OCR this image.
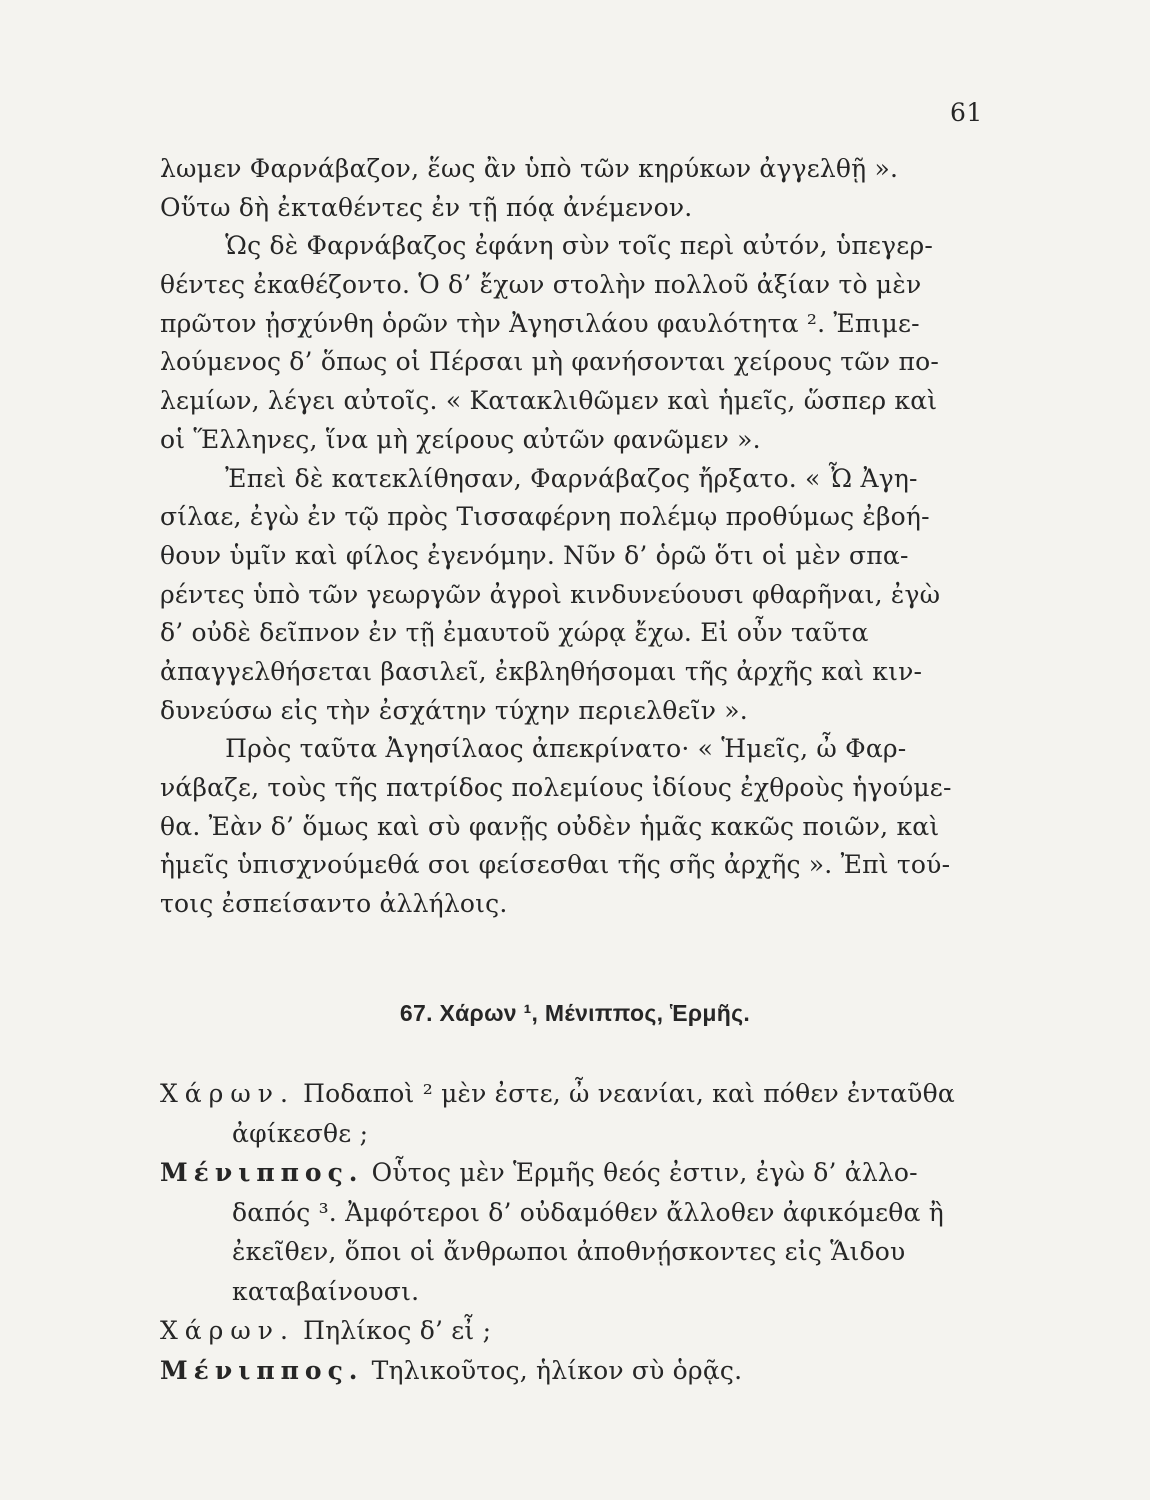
61
λωμεν Φαρνάβαζον, ἕως ἂν ὑπὸ τῶν κηρύκων ἀγγελθῇ ».
Οὕτω δὴ ἐκταθέντες ἐν τῇ πόᾳ ἀνέμενον.
Ὡς δὲ Φαρνάβαζος ἐφάνη σὺν τοῖς περὶ αὐτόν, ὑπεγερ-
θέντες ἐκαθέζοντο. Ὁ δ’ ἔχων στολὴν πολλοῦ ἀξίαν τὸ μὲν
πρῶτον ᾐσχύνθη ὁρῶν τὴν Ἀγησιλάου φαυλότητα ². Ἐπιμε-
λούμενος δ’ ὅπως οἱ Πέρσαι μὴ φανήσονται χείρους τῶν πο-
λεμίων, λέγει αὐτοῖς. « Κατακλιθῶμεν καὶ ἡμεῖς, ὥσπερ καὶ
οἱ Ἕλληνες, ἵνα μὴ χείρους αὐτῶν φανῶμεν ».
Ἐπεὶ δὲ κατεκλίθησαν, Φαρνάβαζος ἤρξατο. « Ὦ Ἀγη-
σίλαε, ἐγὼ ἐν τῷ πρὸς Τισσαφέρνη πολέμῳ προθύμως ἐβοή-
θουν ὑμῖν καὶ φίλος ἐγενόμην. Νῦν δ’ ὁρῶ ὅτι οἱ μὲν σπα-
ρέντες ὑπὸ τῶν γεωργῶν ἀγροὶ κινδυνεύουσι φθαρῆναι, ἐγὼ
δ’ οὐδὲ δεῖπνον ἐν τῇ ἐμαυτοῦ χώρᾳ ἔχω. Εἰ οὖν ταῦτα
ἀπαγγελθήσεται βασιλεῖ, ἐκβληθήσομαι τῆς ἀρχῆς καὶ κιν-
δυνεύσω εἰς τὴν ἐσχάτην τύχην περιελθεῖν ».
Πρὸς ταῦτα Ἀγησίλαος ἀπεκρίνατο· « Ἡμεῖς, ὦ Φαρ-
νάβαζε, τοὺς τῆς πατρίδος πολεμίους ἰδίους ἐχθροὺς ἡγούμε-
θα. Ἐὰν δ’ ὅμως καὶ σὺ φανῇς οὐδὲν ἡμᾶς κακῶς ποιῶν, καὶ
ἡμεῖς ὑπισχνούμεθά σοι φείσεσθαι τῆς σῆς ἀρχῆς ». Ἐπὶ τού-
τοις ἐσπείσαντο ἀλλήλοις.
67. Χάρων ¹, Μένιππος, Ἑρμῆς.
Χάρων. Ποδαποὶ ² μὲν ἐστε, ὦ νεανίαι, καὶ πόθεν ἐνταῦθα
ἀφίκεσθε ;
Μένιππος. Οὗτος μὲν Ἑρμῆς θεός ἐστιν, ἐγὼ δ’ ἀλλο-
δαπός ³. Ἀμφότεροι δ’ οὐδαμόθεν ἄλλοθεν ἀφικόμεθα ἢ
ἐκεῖθεν, ὅποι οἱ ἄνθρωποι ἀποθνῄσκοντες εἰς Ἅιδου
καταβαίνουσι.
Χάρων. Πηλίκος δ’ εἶ ;
Μένιππος. Τηλικοῦτος, ἡλίκον σὺ ὁρᾷς.
